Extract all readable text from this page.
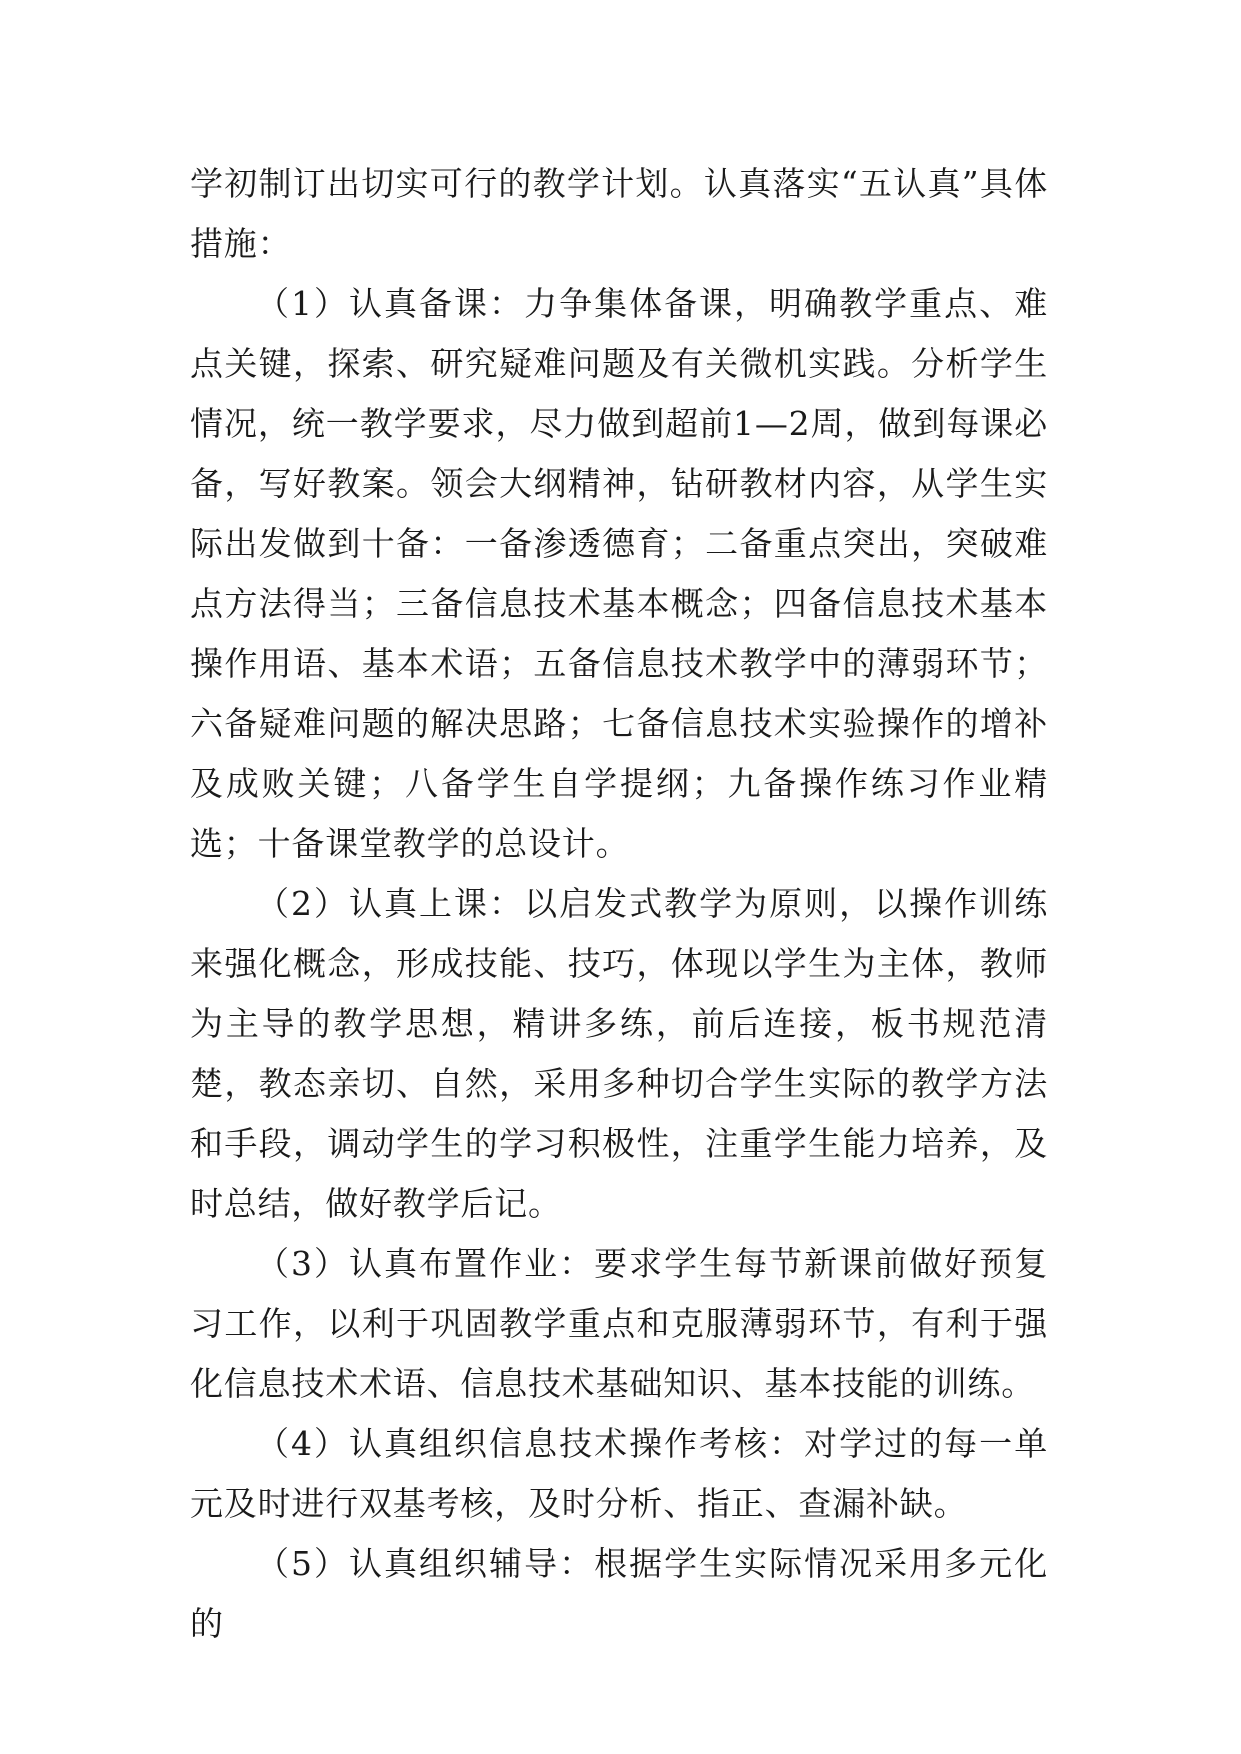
学初制订出切实可行的教学计划。认真落实“五认真”具体措施：

（1）认真备课：力争集体备课，明确教学重点、难点关键，探索、研究疑难问题及有关微机实践。分析学生情况，统一教学要求，尽力做到超前1—2周，做到每课必备，写好教案。领会大纲精神，钻研教材内容，从学生实际出发做到十备：一备渗透德育；二备重点突出，突破难点方法得当；三备信息技术基本概念；四备信息技术基本操作用语、基本术语；五备信息技术教学中的薄弱环节；六备疑难问题的解决思路；七备信息技术实验操作的增补及成败关键；八备学生自学提纲；九备操作练习作业精选；十备课堂教学的总设计。

（2）认真上课：以启发式教学为原则，以操作训练来强化概念，形成技能、技巧，体现以学生为主体，教师为主导的教学思想，精讲多练，前后连接，板书规范清楚，教态亲切、自然，采用多种切合学生实际的教学方法和手段，调动学生的学习积极性，注重学生能力培养，及时总结，做好教学后记。

（3）认真布置作业：要求学生每节新课前做好预复习工作，以利于巩固教学重点和克服薄弱环节，有利于强化信息技术术语、信息技术基础知识、基本技能的训练。

（4）认真组织信息技术操作考核：对学过的每一单元及时进行双基考核，及时分析、指正、查漏补缺。

（5）认真组织辅导：根据学生实际情况采用多元化的
